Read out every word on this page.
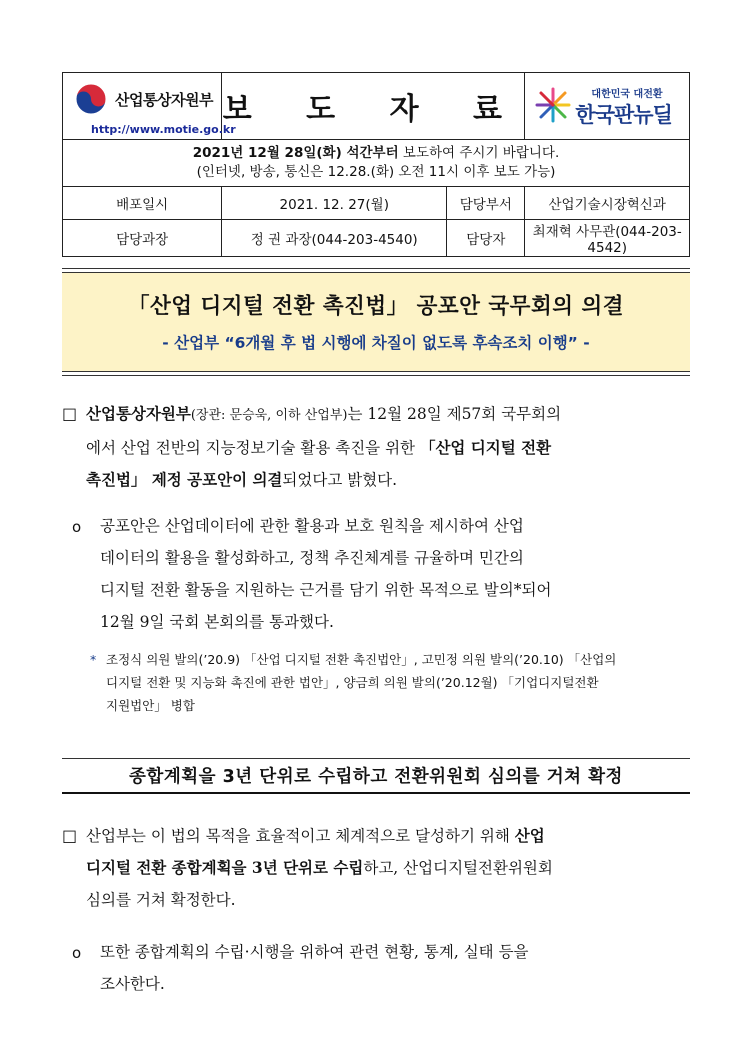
산업통상자원부
http://www.motie.go.kr	보 도 자 료		대한민국 대전환
한국판뉴딜

2021년 12월 28일(화) 석간부터 보도하여 주시기 바랍니다.
(인터넷, 방송, 통신은 12.28.(화) 오전 11시 이후 보도 가능)			

배포일시	2021. 12. 27(월)	담당부서	산업기술시장혁신과
담당과장	정 권 과장(044-203-4540)	담당자	최재혁 사무관(044-203-4542)
「산업 디지털 전환 촉진법」 공포안 국무회의 의결
- 산업부 “6개월 후 법 시행에 차질이 없도록 후속조치 이행” -
□ 산업통상자원부(장관: 문승욱, 이하 산업부)는 12월 28일 제57회 국무회의
에서 산업 전반의 지능정보기술 활용 촉진을 위한 「산업 디지털 전환
촉진법」 제정 공포안이 의결되었다고 밝혔다.
o 공포안은 산업데이터에 관한 활용과 보호 원칙을 제시하여 산업
데이터의 활용을 활성화하고, 정책 추진체계를 규율하며 민간의
디지털 전환 활동을 지원하는 근거를 담기 위한 목적으로 발의*되어
12월 9일 국회 본회의를 통과했다.
* 조정식 의원 발의(’20.9) 「산업 디지털 전환 촉진법안」, 고민정 의원 발의(’20.10) 「산업의
디지털 전환 및 지능화 촉진에 관한 법안」, 양금희 의원 발의(’20.12월) 「기업디지털전환
지원법안」 병합
종합계획을 3년 단위로 수립하고 전환위원회 심의를 거쳐 확정
□ 산업부는 이 법의 목적을 효율적이고 체계적으로 달성하기 위해 산업
디지털 전환 종합계획을 3년 단위로 수립하고, 산업디지털전환위원회
심의를 거쳐 확정한다.
o 또한 종합계획의 수립·시행을 위하여 관련 현황, 통계, 실태 등을
조사한다.
